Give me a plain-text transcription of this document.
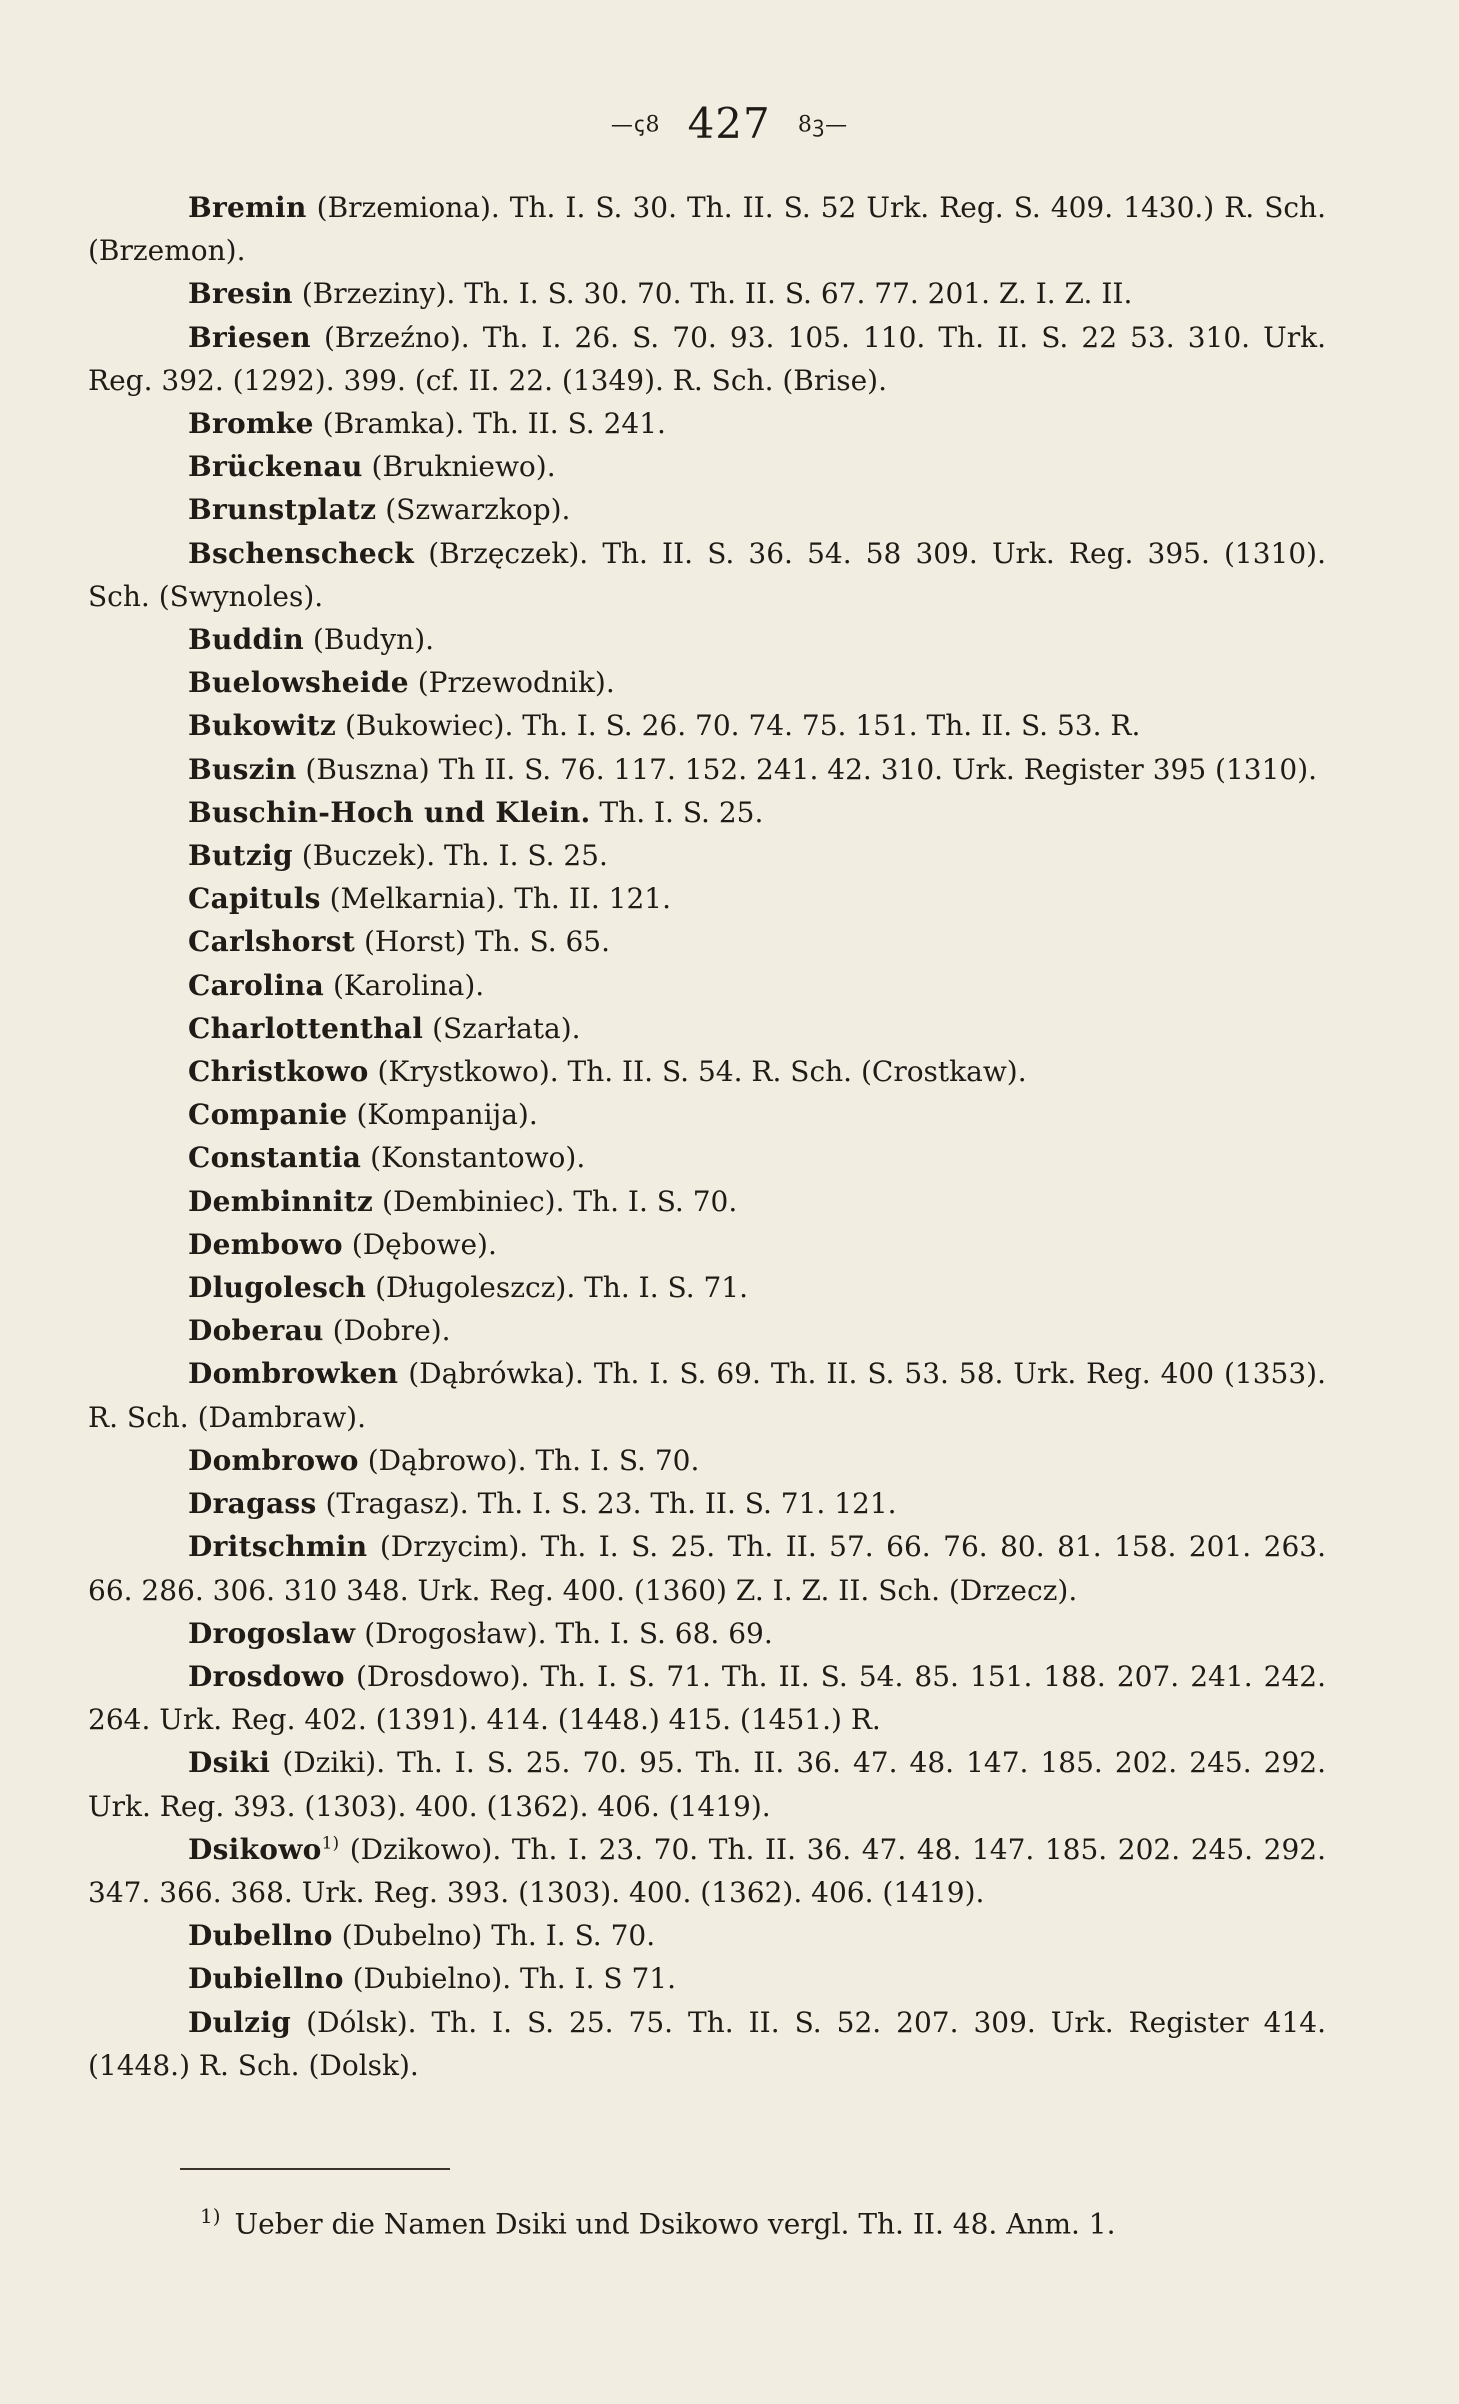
—ꞔ8 427 8ꝫ—

Bremin (Brzemiona). Th. I. S. 30. Th. II. S. 52 Urk. Reg. S. 409. 1430.) R. Sch. (Brzemon).

Bresin (Brzeziny). Th. I. S. 30. 70. Th. II. S. 67. 77. 201. Z. I. Z. II.

Briesen (Brzeźno). Th. I. 26. S. 70. 93. 105. 110. Th. II. S. 22 53. 310. Urk. Reg. 392. (1292). 399. (cf. II. 22. (1349). R. Sch. (Brise).

Bromke (Bramka). Th. II. S. 241.

Brückenau (Brukniewo).

Brunstplatz (Szwarzkop).

Bschenscheck (Brzęczek). Th. II. S. 36. 54. 58 309. Urk. Reg. 395. (1310). Sch. (Swynoles).

Buddin (Budyn).

Buelowsheide (Przewodnik).

Bukowitz (Bukowiec). Th. I. S. 26. 70. 74. 75. 151. Th. II. S. 53. R.

Buszin (Buszna) Th II. S. 76. 117. 152. 241. 42. 310. Urk. Register 395 (1310).

Buschin-Hoch und Klein. Th. I. S. 25.

Butzig (Buczek). Th. I. S. 25.

Capituls (Melkarnia). Th. II. 121.

Carlshorst (Horst) Th. S. 65.

Carolina (Karolina).

Charlottenthal (Szarłata).

Christkowo (Krystkowo). Th. II. S. 54. R. Sch. (Crostkaw).

Companie (Kompanija).

Constantia (Konstantowo).

Dembinnitz (Dembiniec). Th. I. S. 70.

Dembowo (Dębowe).

Dlugolesch (Długoleszcz). Th. I. S. 71.

Doberau (Dobre).

Dombrowken (Dąbrówka). Th. I. S. 69. Th. II. S. 53. 58. Urk. Reg. 400 (1353). R. Sch. (Dambraw).

Dombrowo (Dąbrowo). Th. I. S. 70.

Dragass (Tragasz). Th. I. S. 23. Th. II. S. 71. 121.

Dritschmin (Drzycim). Th. I. S. 25. Th. II. 57. 66. 76. 80. 81. 158. 201. 263. 66. 286. 306. 310 348. Urk. Reg. 400. (1360) Z. I. Z. II. Sch. (Drzecz).

Drogoslaw (Drogosław). Th. I. S. 68. 69.

Drosdowo (Drosdowo). Th. I. S. 71. Th. II. S. 54. 85. 151. 188. 207. 241. 242. 264. Urk. Reg. 402. (1391). 414. (1448.) 415. (1451.) R.

Dsiki (Dziki). Th. I. S. 25. 70. 95. Th. II. 36. 47. 48. 147. 185. 202. 245. 292. Urk. Reg. 393. (1303). 400. (1362). 406. (1419).

Dsikowo$^{1)}$ (Dzikowo). Th. I. 23. 70. Th. II. 36. 47. 48. 147. 185. 202. 245. 292. 347. 366. 368. Urk. Reg. 393. (1303). 400. (1362). 406. (1419).

Dubellno (Dubelno) Th. I. S. 70.

Dubiellno (Dubielno). Th. I. S 71.

Dulzig (Dólsk). Th. I. S. 25. 75. Th. II. S. 52. 207. 309. Urk. Register 414. (1448.) R. Sch. (Dolsk).

$^{1)}$ Ueber die Namen Dsiki und Dsikowo vergl. Th. II. 48. Anm. 1.
